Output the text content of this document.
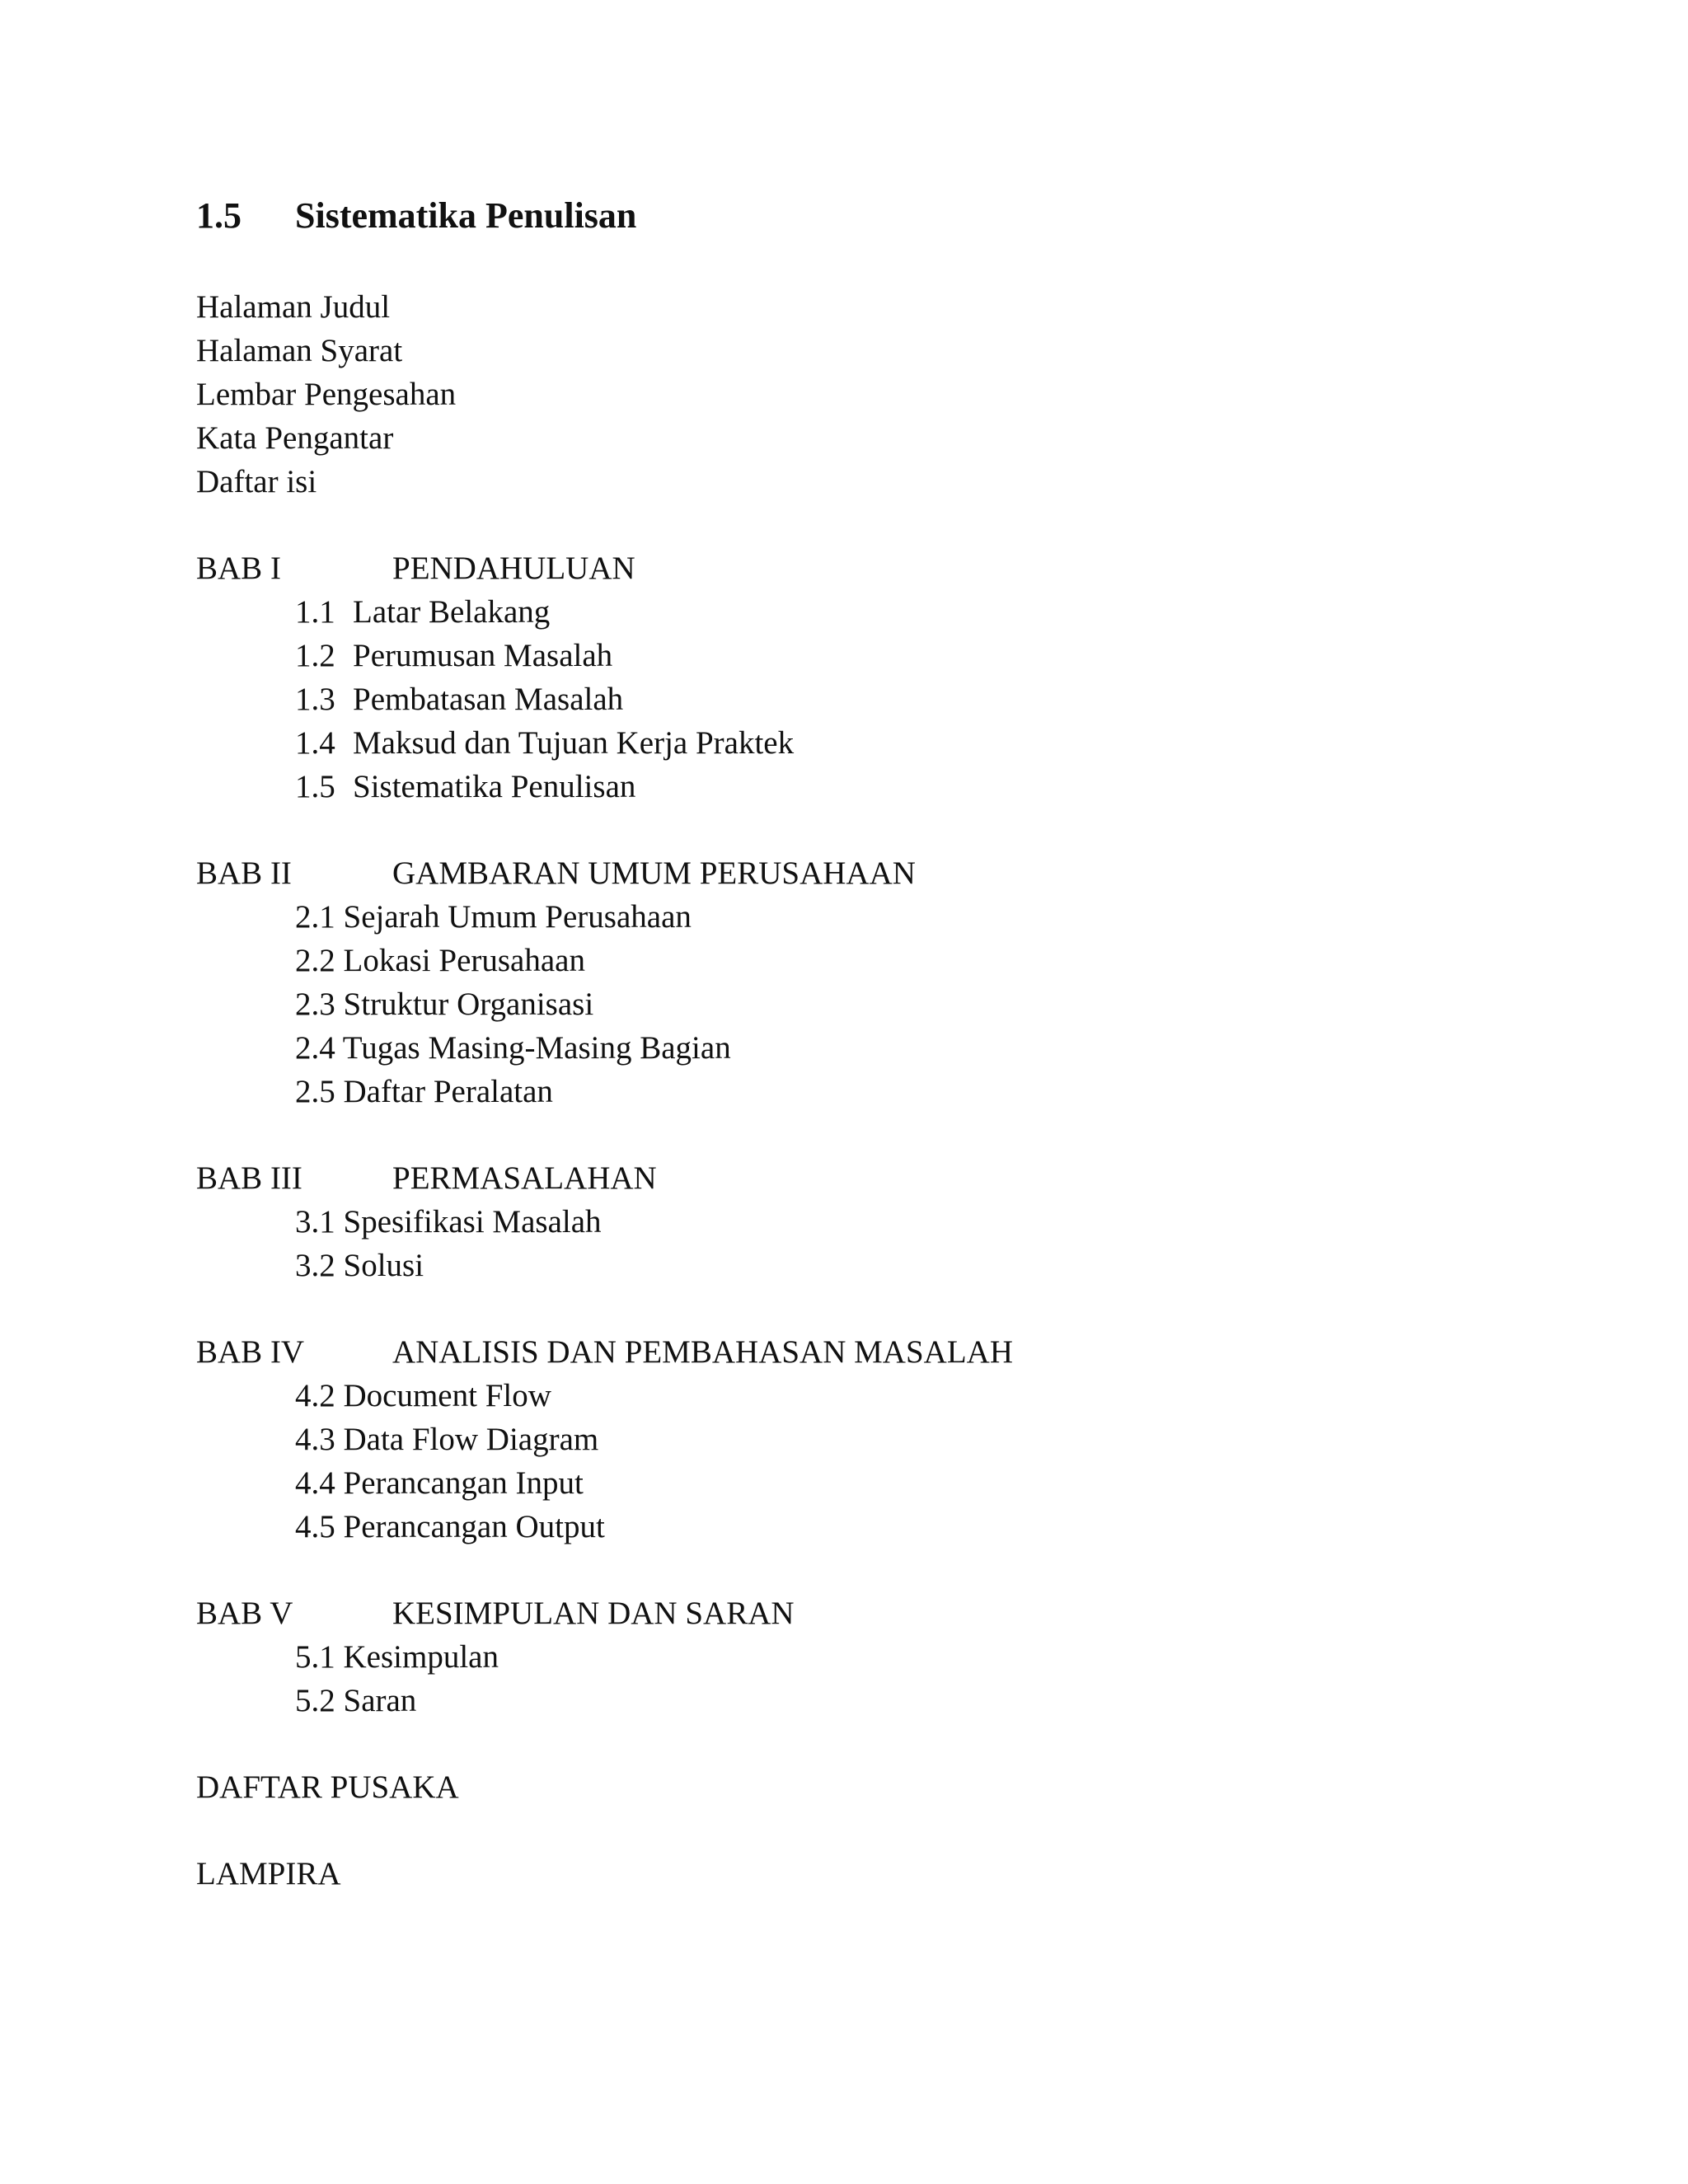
1.5 Sistematika Penulisan
Halaman Judul
Halaman Syarat
Lembar Pengesahan
Kata Pengantar
Daftar isi
BAB I	PENDAHULUAN
1.1 Latar Belakang
1.2 Perumusan Masalah
1.3 Pembatasan Masalah
1.4 Maksud dan Tujuan Kerja Praktek
1.5 Sistematika Penulisan
BAB II	GAMBARAN UMUM PERUSAHAAN
2.1 Sejarah Umum Perusahaan
2.2 Lokasi Perusahaan
2.3 Struktur Organisasi
2.4 Tugas Masing-Masing Bagian
2.5 Daftar Peralatan
BAB III	PERMASALAHAN
3.1 Spesifikasi Masalah
3.2 Solusi
BAB IV	ANALISIS DAN PEMBAHASAN MASALAH
4.2 Document Flow
4.3 Data Flow Diagram
4.4 Perancangan Input
4.5 Perancangan Output
BAB V	KESIMPULAN DAN SARAN
5.1 Kesimpulan
5.2 Saran
DAFTAR PUSAKA
LAMPIRA
